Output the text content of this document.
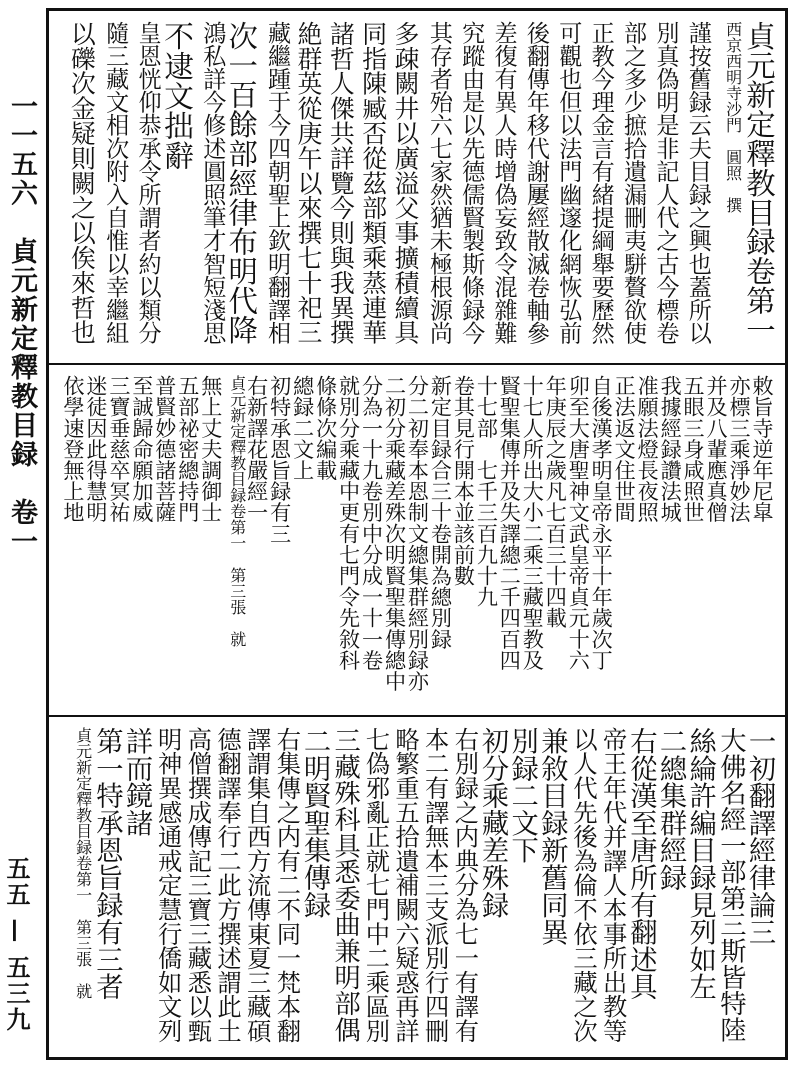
一一五六　貞元新定釋教目録　卷一
五五 — 五三九
貞元新定釋教目録卷第一
西京西明寺沙門　圓照　撰
謹按舊録云夫目録之興也蓋所以
別真偽明是非記人代之古今標卷
部之多少摭拾遺漏刪夷駢贅欲使
正教今理金言有緒提綱舉要歷然
可觀也但以法門幽邃化網恢弘前
後翻傳年移代謝屢經散滅卷軸參
差復有異人時增偽妄致令混雜難
究蹤由是以先德儒賢製斯條録今
其存者殆六七家然猶未極根源尚
多疎闕井以廣溢父事擴積續具
同指陳臧否從茲部類乘蒸連華
諸哲人傑共詳覽今則與我異撰
絶群英從庚午以來撰七十祀三
藏繼踵于今四朝聖上欽明翻譯相
次一百餘部經律布明代降
鴻私詳今修述圓照筆才智短淺思
不逮文拙辭
皇恩恍仰恭承令所謂者約以類分
隨三藏文相次附入自惟以幸繼組
以礫次金疑則闕之以俟來哲也
敕旨寺逆年尼皐
亦標三乘淨妙法
并及八輩應真僧
五眼三身咸照世
我據經録讚法城
准願法燈長夜照
正法返文住世間
自後漢孝明皇帝永平十年歲次丁
卯至大唐聖神文武皇帝貞元十六
年庚辰之歲凡七百三十四載
十七人所出大小二乘三藏聖教及
賢聖集傳并及失譯總二千四百四
十七部　七千三百九十九
卷其見行開本並該前數
新定目録合三十卷開為總別録
分二初奉本恩制文總集群經別録亦
二初分乘藏差殊次明賢聖集傳總中
分為一十九卷別中分成一十一卷
就別分乘藏中更有七門令先敘科
條條次編載
總録二文上
初特承恩旨録有三
右新譯花嚴經一
貞元新定釋教目録卷第一　第三張　就
無上丈夫調御士
五部祕密總持門
普賢妙德諸菩薩
至誠歸命願加威
三寶垂慈卒冥祐
迷徒因此得慧明
依學速登無上地
一初翻譯經律論三
大佛名經一部第三斯皆特陸
絲綸許編目録見列如左
二總集群經録
右從漢至唐所有翻述具
帝王年代并譯人本事所出教等
以人代先後為倫不依三藏之次
兼敘目録新舊同異
別録二文下
初分乘藏差殊録
右別録之内典分為七一有譯有
本二有譯無本三支派別行四刪
略繁重五拾遺補闕六疑惑再詳
七偽邪亂正就七門中二乘區別
三藏殊科具悉委曲兼明部偶
二明賢聖集傳録
右集傳之内有二不同一梵本翻
譯謂集自西方流傳東夏三藏碩
德翻譯奉行二此方撰述謂此土
高僧撰成傳記三寶三藏悉以甄
明神異感通戒定慧行僑如文列
詳而鏡諸
第一特承恩旨録有三者
貞元新定釋教目録卷第一　第三張　就
